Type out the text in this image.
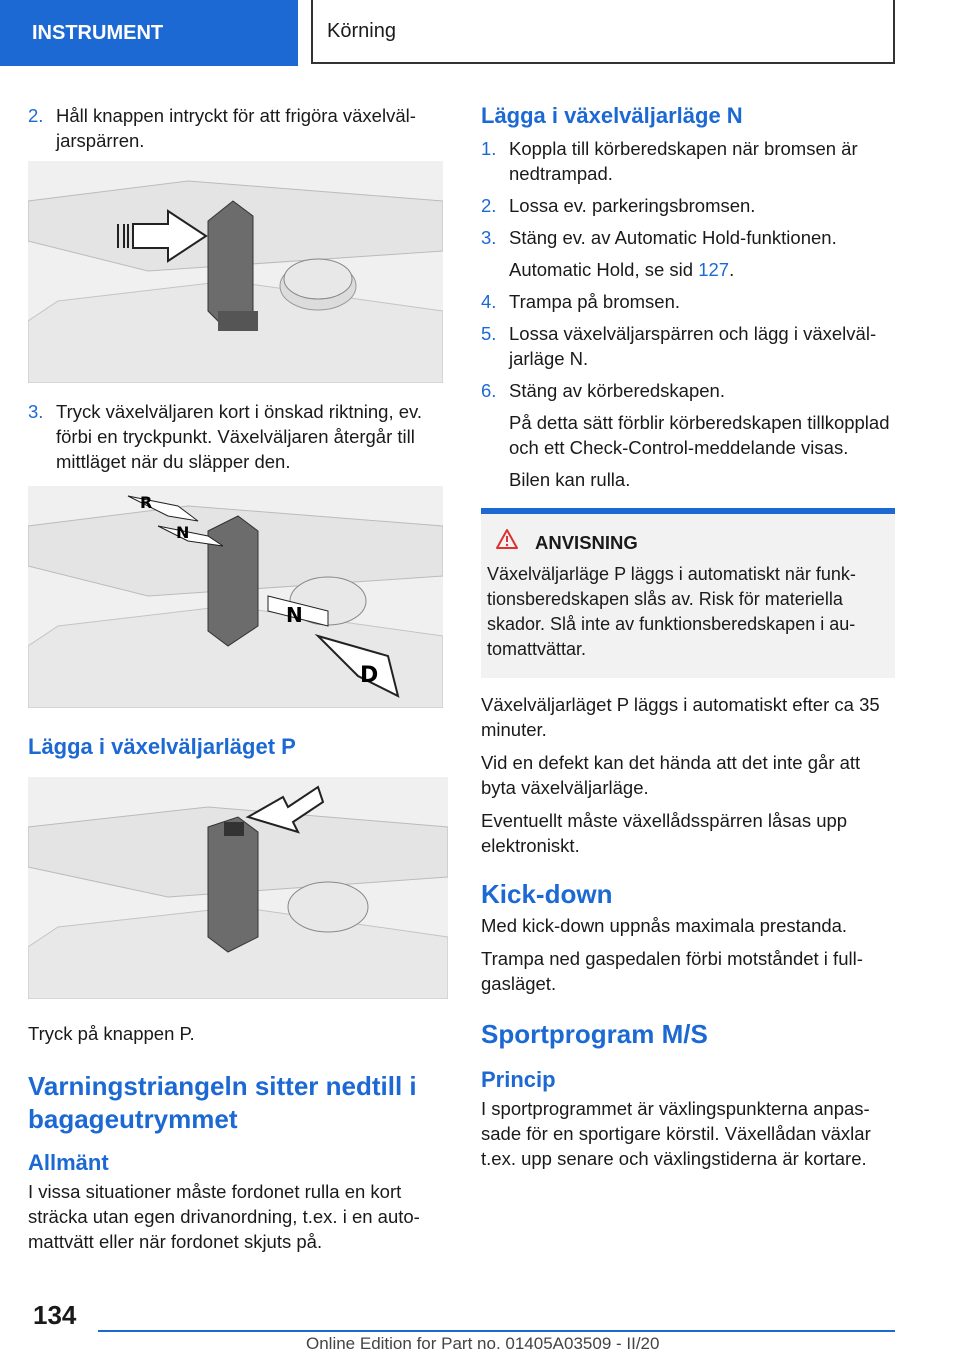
INSTRUMENT	Körning
2. Håll knappen intryckt för att frigöra växelväljarspärren.
3. Tryck växelväljaren kort i önskad riktning, ev. förbi en tryckpunkt. Växelväljaren återgår till mittläget när du släpper den.
R
N
N
D
Lägga i växelväljarläget P
Tryck på knappen P.
Varningstriangeln sitter nedtill i bagageutrymmet
Allmänt
I vissa situationer måste fordonet rulla en kort sträcka utan egen drivanordning, t.ex. i en automattvätt eller när fordonet skjuts på.
Lägga i växelväljarläge N
1. Koppla till körberedskapen när bromsen är nedtrampad.
2. Lossa ev. parkeringsbromsen.
3. Stäng ev. av Automatic Hold-funktionen.
Automatic Hold, se sid 127.
4. Trampa på bromsen.
5. Lossa växelväljarspärren och lägg i växelväljarläge N.
6. Stäng av körberedskapen.
På detta sätt förblir körberedskapen tillkopplad och ett Check-Control-meddelande visas.
Bilen kan rulla.
ANVISNING
Växelväljarläge P läggs i automatiskt när funktionsberedskapen slås av. Risk för materiella skador. Slå inte av funktionsberedskapen i automattvättar.
Växelväljarläget P läggs i automatiskt efter ca 35 minuter.
Vid en defekt kan det hända att det inte går att byta växelväljarläge.
Eventuellt måste växellådsspärren låsas upp elektroniskt.
Kick-down
Med kick-down uppnås maximala prestanda.
Trampa ned gaspedalen förbi motståndet i fullgasläget.
Sportprogram M/S
Princip
I sportprogrammet är växlingspunkterna anpassade för en sportigare körstil. Växellådan växlar t.ex. upp senare och växlingstiderna är kortare.
134
Online Edition for Part no. 01405A03509 - II/20
